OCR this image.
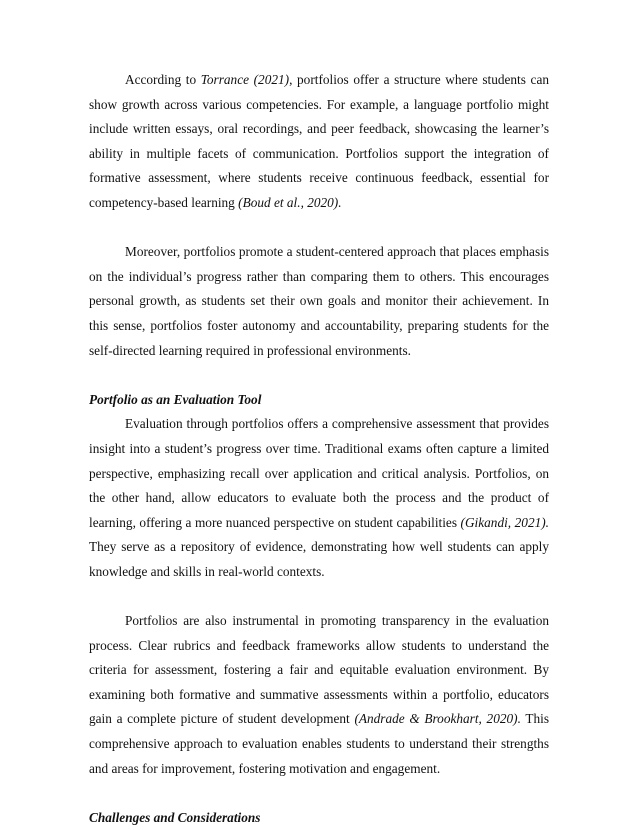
According to Torrance (2021), portfolios offer a structure where students can show growth across various competencies. For example, a language portfolio might include written essays, oral recordings, and peer feedback, showcasing the learner’s ability in multiple facets of communication. Portfolios support the integration of formative assessment, where students receive continuous feedback, essential for competency-based learning (Boud et al., 2020).

Moreover, portfolios promote a student-centered approach that places emphasis on the individual’s progress rather than comparing them to others. This encourages personal growth, as students set their own goals and monitor their achievement. In this sense, portfolios foster autonomy and accountability, preparing students for the self-directed learning required in professional environments.

Portfolio as an Evaluation Tool

Evaluation through portfolios offers a comprehensive assessment that provides insight into a student’s progress over time. Traditional exams often capture a limited perspective, emphasizing recall over application and critical analysis. Portfolios, on the other hand, allow educators to evaluate both the process and the product of learning, offering a more nuanced perspective on student capabilities (Gikandi, 2021). They serve as a repository of evidence, demonstrating how well students can apply knowledge and skills in real-world contexts.

Portfolios are also instrumental in promoting transparency in the evaluation process. Clear rubrics and feedback frameworks allow students to understand the criteria for assessment, fostering a fair and equitable evaluation environment. By examining both formative and summative assessments within a portfolio, educators gain a complete picture of student development (Andrade & Brookhart, 2020). This comprehensive approach to evaluation enables students to understand their strengths and areas for improvement, fostering motivation and engagement.

Challenges and Considerations
